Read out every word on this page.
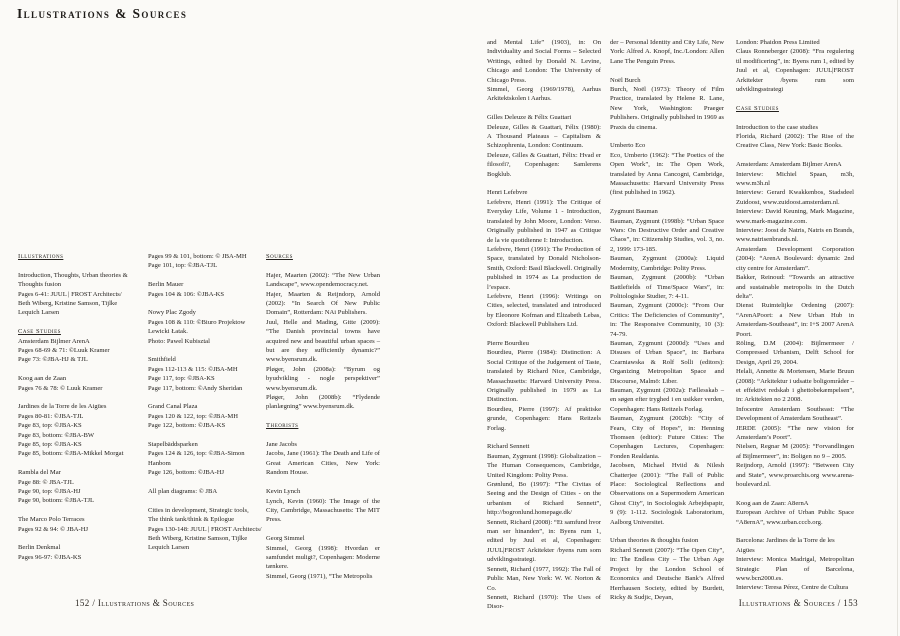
Illustrations & Sources
Illustrations
Introduction, Thoughts, Urban theories &
Thoughts fusion
Pages 6-41: JUUL | FROST Architects/
Beth Wiberg, Kristine Samson, Tijlke
Lequich Larsen
Case Studies
Amsterdam Bijlmer ArenA
Pages 68-69 & 71: ©Luuk Kramer
Page 73: ©JBA-HJ & TJL
Koog aan de Zaan
Pages 76 & 78: © Luuk Kramer
Jardines de la Torre de les Aigües
Pages 80-81: ©JBA-TJL
Page 83, top: ©JBA-KS
Page 83, bottom: ©JBA-BW
Page 85, top: ©JBA-KS
Page 85, bottom: ©JBA-Mikkel Morgat
Rambla del Mar
Page 88: © JBA-TJL
Page 90, top: ©JBA-HJ
Page 90, bottom: ©JBA-TJL
The Marco Polo Terraces
Pages 92 & 94: © JBA-HJ
Berlin Denkmal
Pages 96-97: ©JBA-KS
Pages 99 & 101, bottom: © JBA-MH
Page 101, top: ©JBA-TJL
Berlin Mauer
Pages 104 & 106: ©JBA-KS
Nowy Plac Zgody
Pages 108 & 110: ©Biuro Projektow
Lewicki Łatak.
Photo: Pawel Kubisztal
Smithfield
Pages 112-113 & 115: ©JBA-MH
Page 117, top: ©JBA-KS
Page 117, bottom: ©Andy Sheridan
Grand Canal Plaza
Pages 120 & 122, top: ©JBA-MH
Page 122, bottom: ©JBA-KS
Stapelbäddsparken
Pages 124 & 126, top: ©JBA-Simon
Hanbom
Page 126, bottom: ©JBA-HJ
All plan diagrams: © JBA
Cities in development, Strategic tools,
The think tank/think & Epilogue
Pages 130-148: JUUL | FROST Architects/
Beth Wiberg, Kristine Samson, Tijlke
Lequich Larsen
Sources

Hajer, Maarten (2002): “The New Urban Landscape”, www.opendemocracy.net.

Hajer, Maarten & Reijndorp, Arnold (2002): “In Search Of New Public Domain”, Rotterdam: NAi Publishers.

Juul, Helle and Mading, Gitte (2009): “The Danish provincial towns have acquired new and beautiful urban spaces – but are they sufficiently dynamic?” www.byensrum.dk.

Pløger, John (2008a): “Byrum og byudvikling - nogle perspektiver” www.byensrum.dk.

Pløger, John (2008b): “Flydende planlægning” www.byensrum.dk.

Theorists
Jane Jacobs

Jacobs, Jane (1961): The Death and Life of Great American Cities, New York: Random House.

Kevin Lynch

Lynch, Kevin (1960): The Image of the City, Cambridge, Massachusetts: The MIT Press.

Georg Simmel

Simmel, Georg (1998): Hvordan er samfundet muligt?, Copenhagen: Moderne tænkere.

Simmel, Georg (1971), “The Metropolis

and Mental Life” (1903), in: On Individuality and Social Forms – Selected Writings, edited by Donald N. Levine, Chicago and London: The University of Chicago Press.

Simmel, Georg (1969/1978), Aarhus Arkitektskolen i Aarhus.

Gilles Deleuze & Félix Guattari

Deleuze, Gilles & Guattari, Félix (1980): A Thousand Plateaus – Capitalism & Schizophrenia, London: Continuum.

Deleuze, Gilles & Guattari, Félix: Hvad er filosofi?, Copenhagen: Samlerens Bogklub.

Henri Lefebvre

Lefebvre, Henri (1991): The Critique of Everyday Life, Volume 1 - Introduction, translated by John Moore, London: Verso. Originally published in 1947 as Critique de la vie quotidienne I: Introduction.

Lefebvre, Henri (1991): The Production of Space, translated by Donald Nicholson-Smith, Oxford: Basil Blackwell. Originally published in 1974 as La production de l’espace.

Lefebvre, Henri (1996): Writings on Cities, selected, translated and introduced by Eleonore Kofman and Elizabeth Lebas, Oxford: Blackwell Publishers Ltd.

Pierre Bourdieu

Bourdieu, Pierre (1984): Distinction: A Social Critique of the Judgement of Taste, translated by Richard Nice, Cambridge, Massachusetts: Harvard University Press. Originally published in 1979 as La Distinction.

Bourdieu, Pierre (1997): Af praktiske grunde, Copenhagen: Hans Reitzels Forlag.

Richard Sennett

Bauman, Zygmunt (1998): Globalization – The Human Consequences, Cambridge, United Kingdom: Polity Press.

Grønlund, Bo (1997): “The Civitas of Seeing and the Design of Cities - on the urbanism of Richard Sennett”, http://bogronlund.homepage.dk/

Sennett, Richard (2008): “Et samfund hvor man ser hinanden”, in: Byens rum 1, edited by Juul et al, Copenhagen: JUUL|FROST Arkitekter /byens rum som udviklingsstrategi.

Sennett, Richard (1977, 1992): The Fall of Public Man, New York: W. W. Norton & Co.

Sennett, Richard (1970): The Uses of Disor-

der – Personal Identity and City Life, New York: Alfred A. Knopf, Inc./London: Allen Lane The Penguin Press.

Noël Burch

Burch, Noël (1973): Theory of Film Practice, translated by Helene R. Lane, New York, Washington: Praeger Publishers. Originally published in 1969 as Praxis du cinema.

Umberto Eco

Eco, Umberto (1962): “The Poetics of the Open Work”, in: The Open Work, translated by Anna Cancogni, Cambridge, Massachusetts: Harvard University Press (first published in 1962).

Zygmunt Bauman

Bauman, Zygmunt (1998b): “Urban Space Wars: On Destructive Order and Creative Chaos”, in: Citizenship Studies, vol. 3, no. 2, 1999: 173-185.

Bauman, Zygmunt (2000a): Liquid Modernity, Cambridge: Polity Press.

Bauman, Zygmunt (2000b): “Urban Battlefields of Time/Space Wars”, in: Politologiske Studier, 7: 4-11.

Bauman, Zygmunt (2000c): “From Our Critics: The Deficiencies of Community”, in: The Responsive Community, 10 (3): 74-79.

Bauman, Zygmunt (2000d): “Uses and Disuses of Urban Space”, in: Barbara Czarniawska & Rolf Solli (editors): Organizing Metropolitan Space and Discourse, Malmö: Liber.

Bauman, Zygmunt (2002a): Fællesskab – en søgen efter tryghed i en usikker verden, Copenhagen: Hans Reitzels Forlag.

Bauman, Zygmunt (2002b): “City of Fears, City of Hopes”, in: Henning Thomsen (editor): Future Cities: The Copenhagen Lectures, Copenhagen: Fonden Realdania.

Jacobsen, Michael Hviid & Nilesh Chatterjee (2001): “The Fall of Public Place: Sociological Reflections and Observations on a Supermodern American Ghost City”, in Sociologisk Arbejdspapir, 9 (9): 1-112. Sociologisk Laboratorium, Aalborg Universitet.

Urban theories & thoughts fusion

Richard Sennett (2007): “The Open City”, in: The Endless City – The Urban Age Project by the London School of Economics and Deutsche Bank’s Alfred Herrhausen Society, edited by Burdett, Ricky & Sudjic, Deyan,

London: Phaidon Press Limited

Claus Ronneberger (2008): “Fra regulering til modificering”, in: Byens rum 1, edited by Juul et al, Copenhagen: JUUL|FROST Arkitekter /byens rum som udviklingsstrategi

Case Studies
Introduction to the case studies

Florida, Richard (2002): The Rise of the Creative Class, New York: Basic Books.

Amsterdam: Amsterdam Bijlmer ArenA

Interview: Michiel Spaan, m3h, www.m3h.nl

Interview: Gerard Kwakkenbos, Stadsdeel Zuidoost, www.zuidoost.amsterdam.nl.

Interview: David Keuning, Mark Magazine, www.mark-magazine.com.

Interview: Joost de Natris, Natris en Brands, www.natrisenbrands.nl.

Amsterdam Development Corporation (2004): “ArenA Boulevard: dynamic 2nd city centre for Amsterdam”.

Bakker, Reinoud: “Towards an attractive and sustainable metropolis in the Dutch delta”.

Dienst Ruimtelijke Ordening (2007): “ArenAPoort: a New Urban Hub in Amsterdam-Southeast”, in: I+S 2007 ArenA Poort.

Röling, D.M (2004): Bijlmermeer / Compressed Urbanism, Delft School for Design, April 29, 2004.

Helali, Annette & Mortensen, Marie Bruun (2008): “Arkitektur i udsatte boligområder – et effektivt redskab i ghettobekæmpelsen”, in: Arkitekten no 2 2008.

Infocentre Amsterdam Southeast: “The Development of Amsterdam Southeast”.

JERDE (2005): “The new vision for Amsterdam’s Poort”.

Nielsen, Regnar M (2005): “Forvandlingen af Bijlmermeer”, in: Boligen no 9 – 2005.

Reijndorp, Arnold (1997): “Between City and State”, www.proarchis.org www.arena-boulevard.nl.

Koog aan de Zaan: A8ernA

European Archive of Urban Public Space “A8ernA”, www.urban.cccb.org.

Barcelona: Jardines de la Torre de les Aigües

Interview: Monica Madrigal, Metropolitan Strategic Plan of Barcelona, www.bcn2000.es.

Interview: Teresa Pérez, Centre de Cultura

152 / Illustrations & Sources	Illustrations & Sources / 153
